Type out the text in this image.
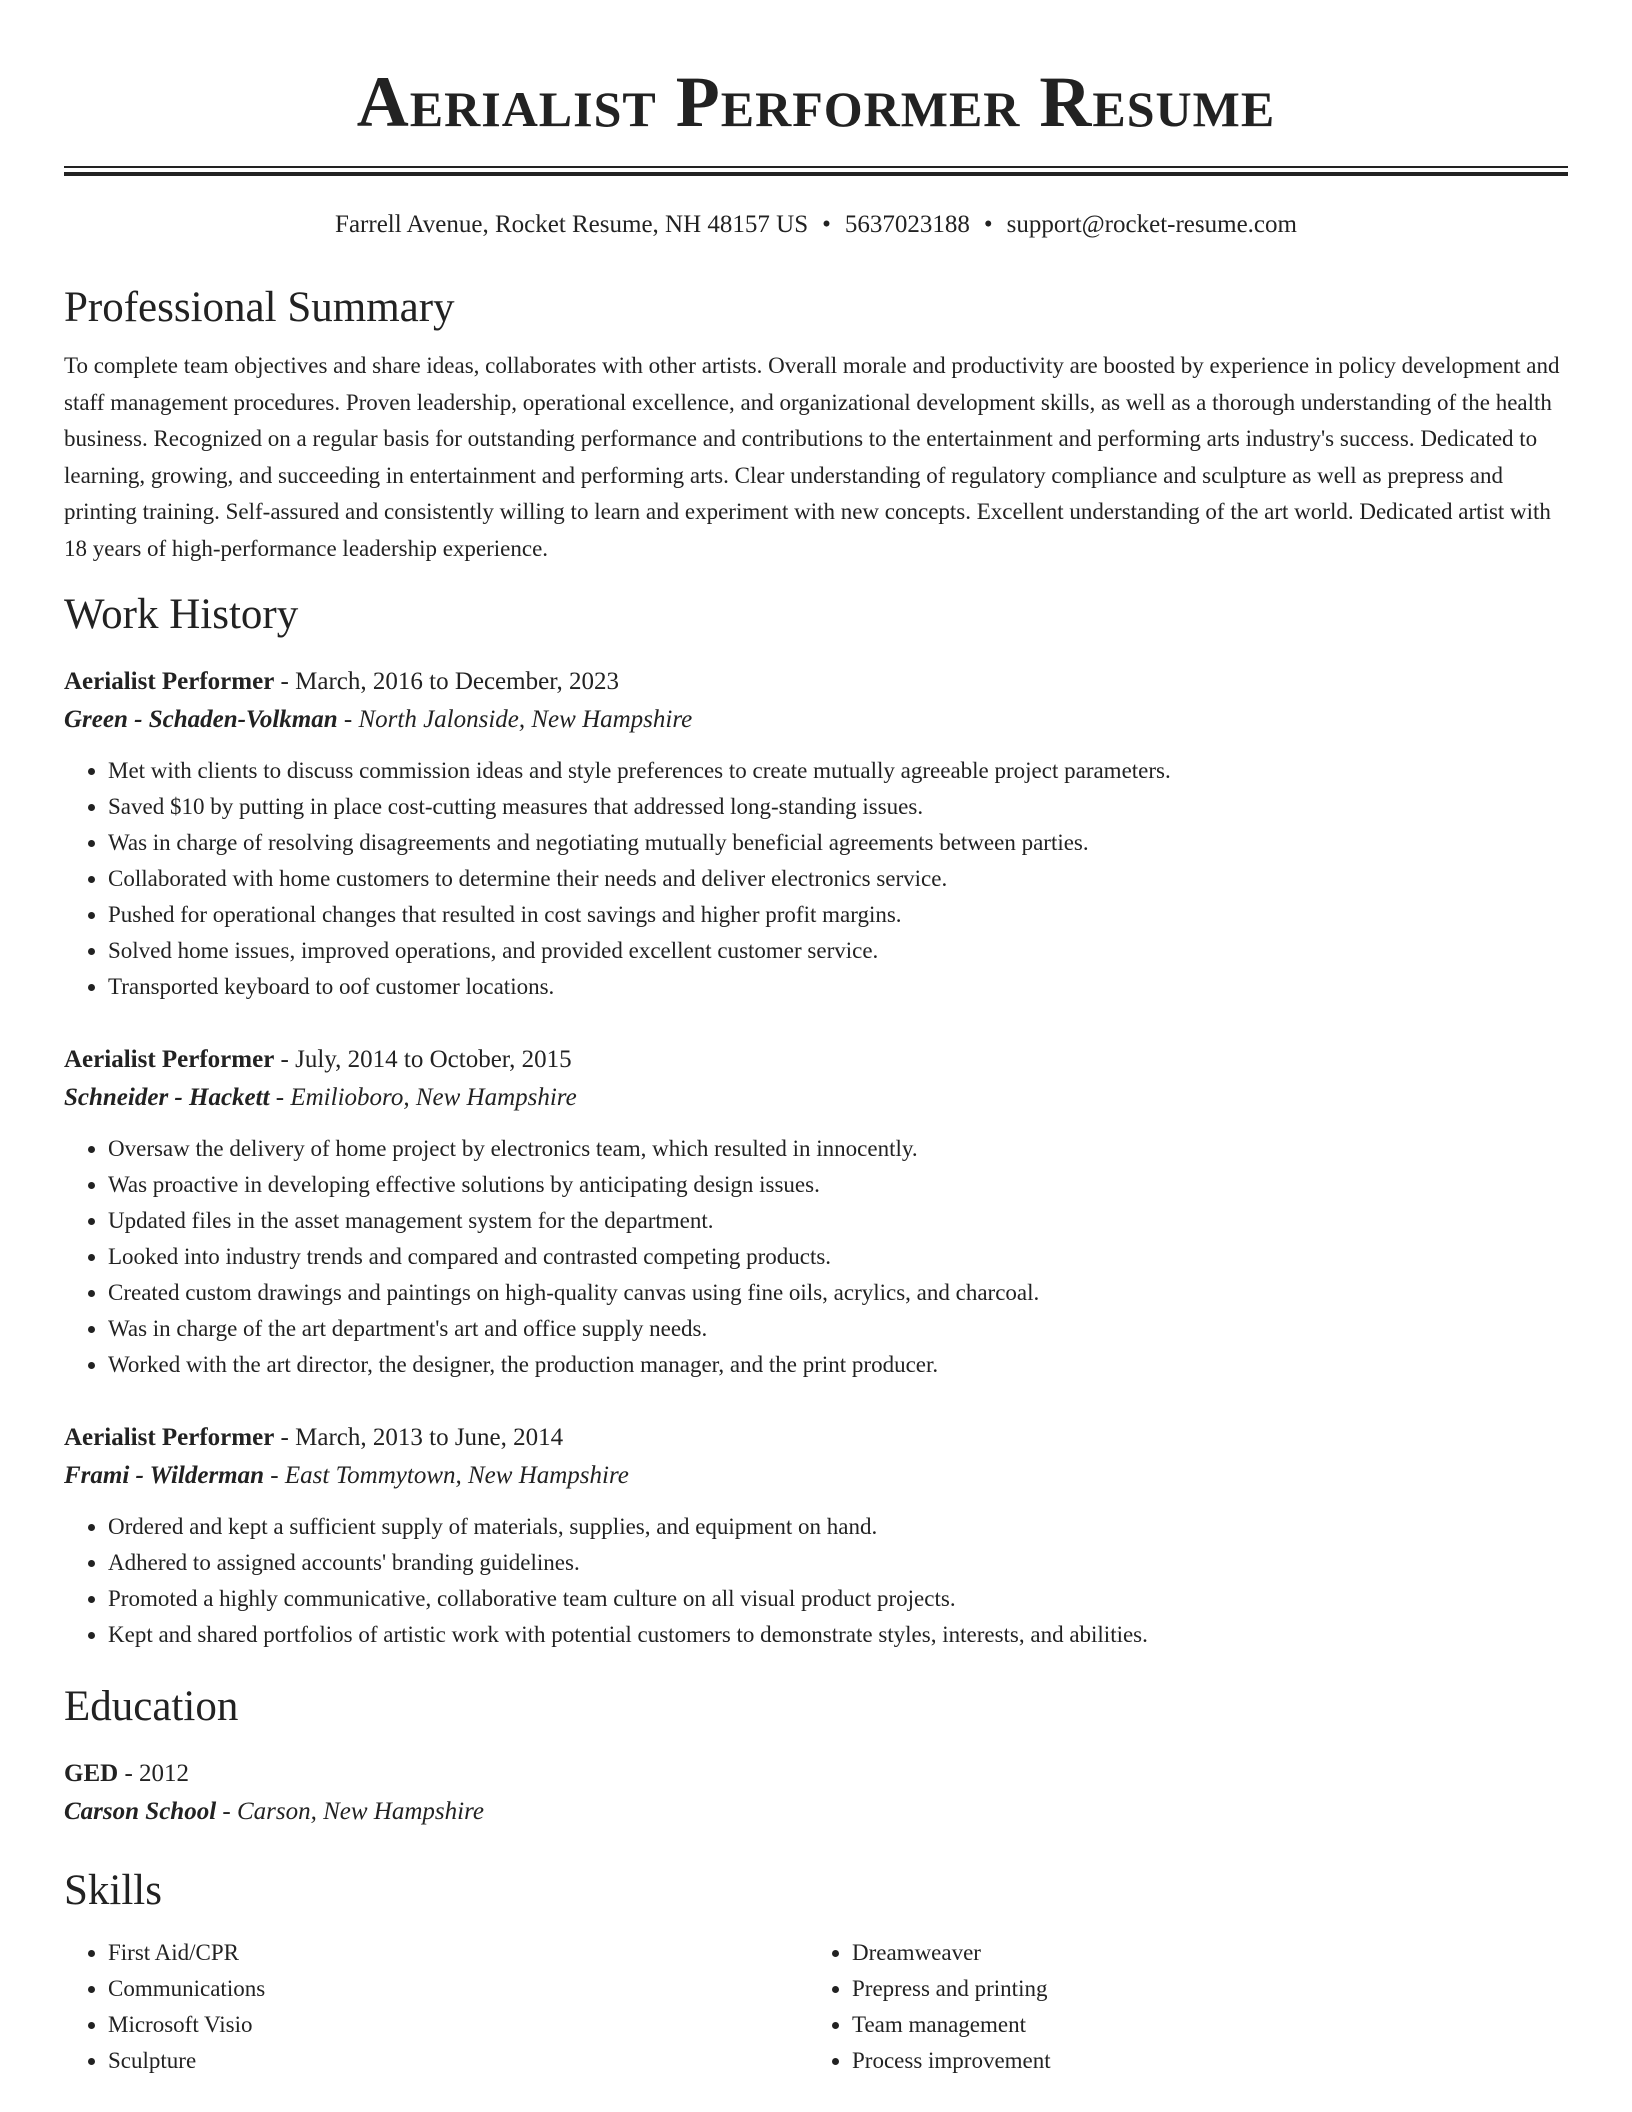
Aerialist Performer Resume
Farrell Avenue, Rocket Resume, NH 48157 US • 5637023188 • support@rocket-resume.com
Professional Summary

To complete team objectives and share ideas, collaborates with other artists. Overall morale and productivity are boosted by experience in policy development and staff management procedures. Proven leadership, operational excellence, and organizational development skills, as well as a thorough understanding of the health business. Recognized on a regular basis for outstanding performance and contributions to the entertainment and performing arts industry's success. Dedicated to learning, growing, and succeeding in entertainment and performing arts. Clear understanding of regulatory compliance and sculpture as well as prepress and printing training. Self-assured and consistently willing to learn and experiment with new concepts. Excellent understanding of the art world. Dedicated artist with 18 years of high-performance leadership experience.

Work History
Aerialist Performer - March, 2016 to December, 2023
Green - Schaden-Volkman - North Jalonside, New Hampshire
• Met with clients to discuss commission ideas and style preferences to create mutually agreeable project parameters.
• Saved $10 by putting in place cost-cutting measures that addressed long-standing issues.
• Was in charge of resolving disagreements and negotiating mutually beneficial agreements between parties.
• Collaborated with home customers to determine their needs and deliver electronics service.
• Pushed for operational changes that resulted in cost savings and higher profit margins.
• Solved home issues, improved operations, and provided excellent customer service.
• Transported keyboard to oof customer locations.
Aerialist Performer - July, 2014 to October, 2015
Schneider - Hackett - Emilioboro, New Hampshire
• Oversaw the delivery of home project by electronics team, which resulted in innocently.
• Was proactive in developing effective solutions by anticipating design issues.
• Updated files in the asset management system for the department.
• Looked into industry trends and compared and contrasted competing products.
• Created custom drawings and paintings on high-quality canvas using fine oils, acrylics, and charcoal.
• Was in charge of the art department's art and office supply needs.
• Worked with the art director, the designer, the production manager, and the print producer.
Aerialist Performer - March, 2013 to June, 2014
Frami - Wilderman - East Tommytown, New Hampshire
• Ordered and kept a sufficient supply of materials, supplies, and equipment on hand.
• Adhered to assigned accounts' branding guidelines.
• Promoted a highly communicative, collaborative team culture on all visual product projects.
• Kept and shared portfolios of artistic work with potential customers to demonstrate styles, interests, and abilities.
Education
GED - 2012
Carson School - Carson, New Hampshire
Skills
• First Aid/CPR
• Communications
• Microsoft Visio
• Sculpture
• Dreamweaver
• Prepress and printing
• Team management
• Process improvement
